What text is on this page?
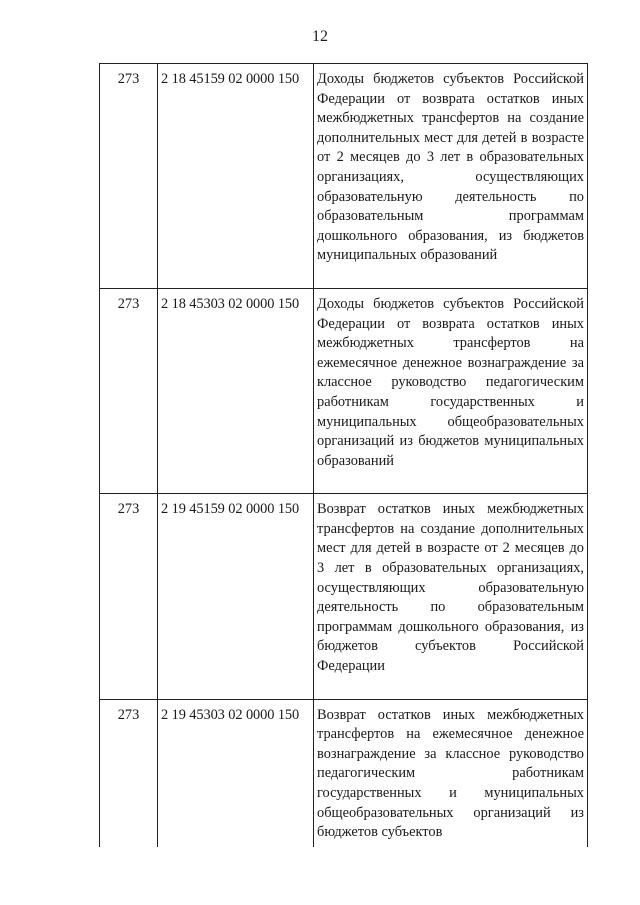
12
273	2 18 45159 02 0000 150	Доходы бюджетов субъектов Российской Федерации от возврата остатков иных межбюджетных трансфертов на создание дополнительных мест для детей в возрасте от 2 месяцев до 3 лет в образовательных организациях, осуществляющих образовательную деятельность по образовательным программам дошкольного образования, из бюджетов муниципальных образований
273	2 18 45303 02 0000 150	Доходы бюджетов субъектов Российской Федерации от возврата остатков иных межбюджетных трансфертов на ежемесячное денежное вознаграждение за классное руководство педагогическим работникам государственных и муниципальных общеобразовательных организаций из бюджетов муниципальных образований
273	2 19 45159 02 0000 150	Возврат остатков иных межбюджетных трансфертов на создание дополнительных мест для детей в возрасте от 2 месяцев до 3 лет в образовательных организациях, осуществляющих образовательную деятельность по образовательным программам дошкольного образования, из бюджетов субъектов Российской Федерации
273	2 19 45303 02 0000 150	Возврат остатков иных межбюджетных трансфертов на ежемесячное денежное вознаграждение за классное руководство педагогическим работникам государственных и муниципальных общеобразовательных организаций из бюджетов субъектов
